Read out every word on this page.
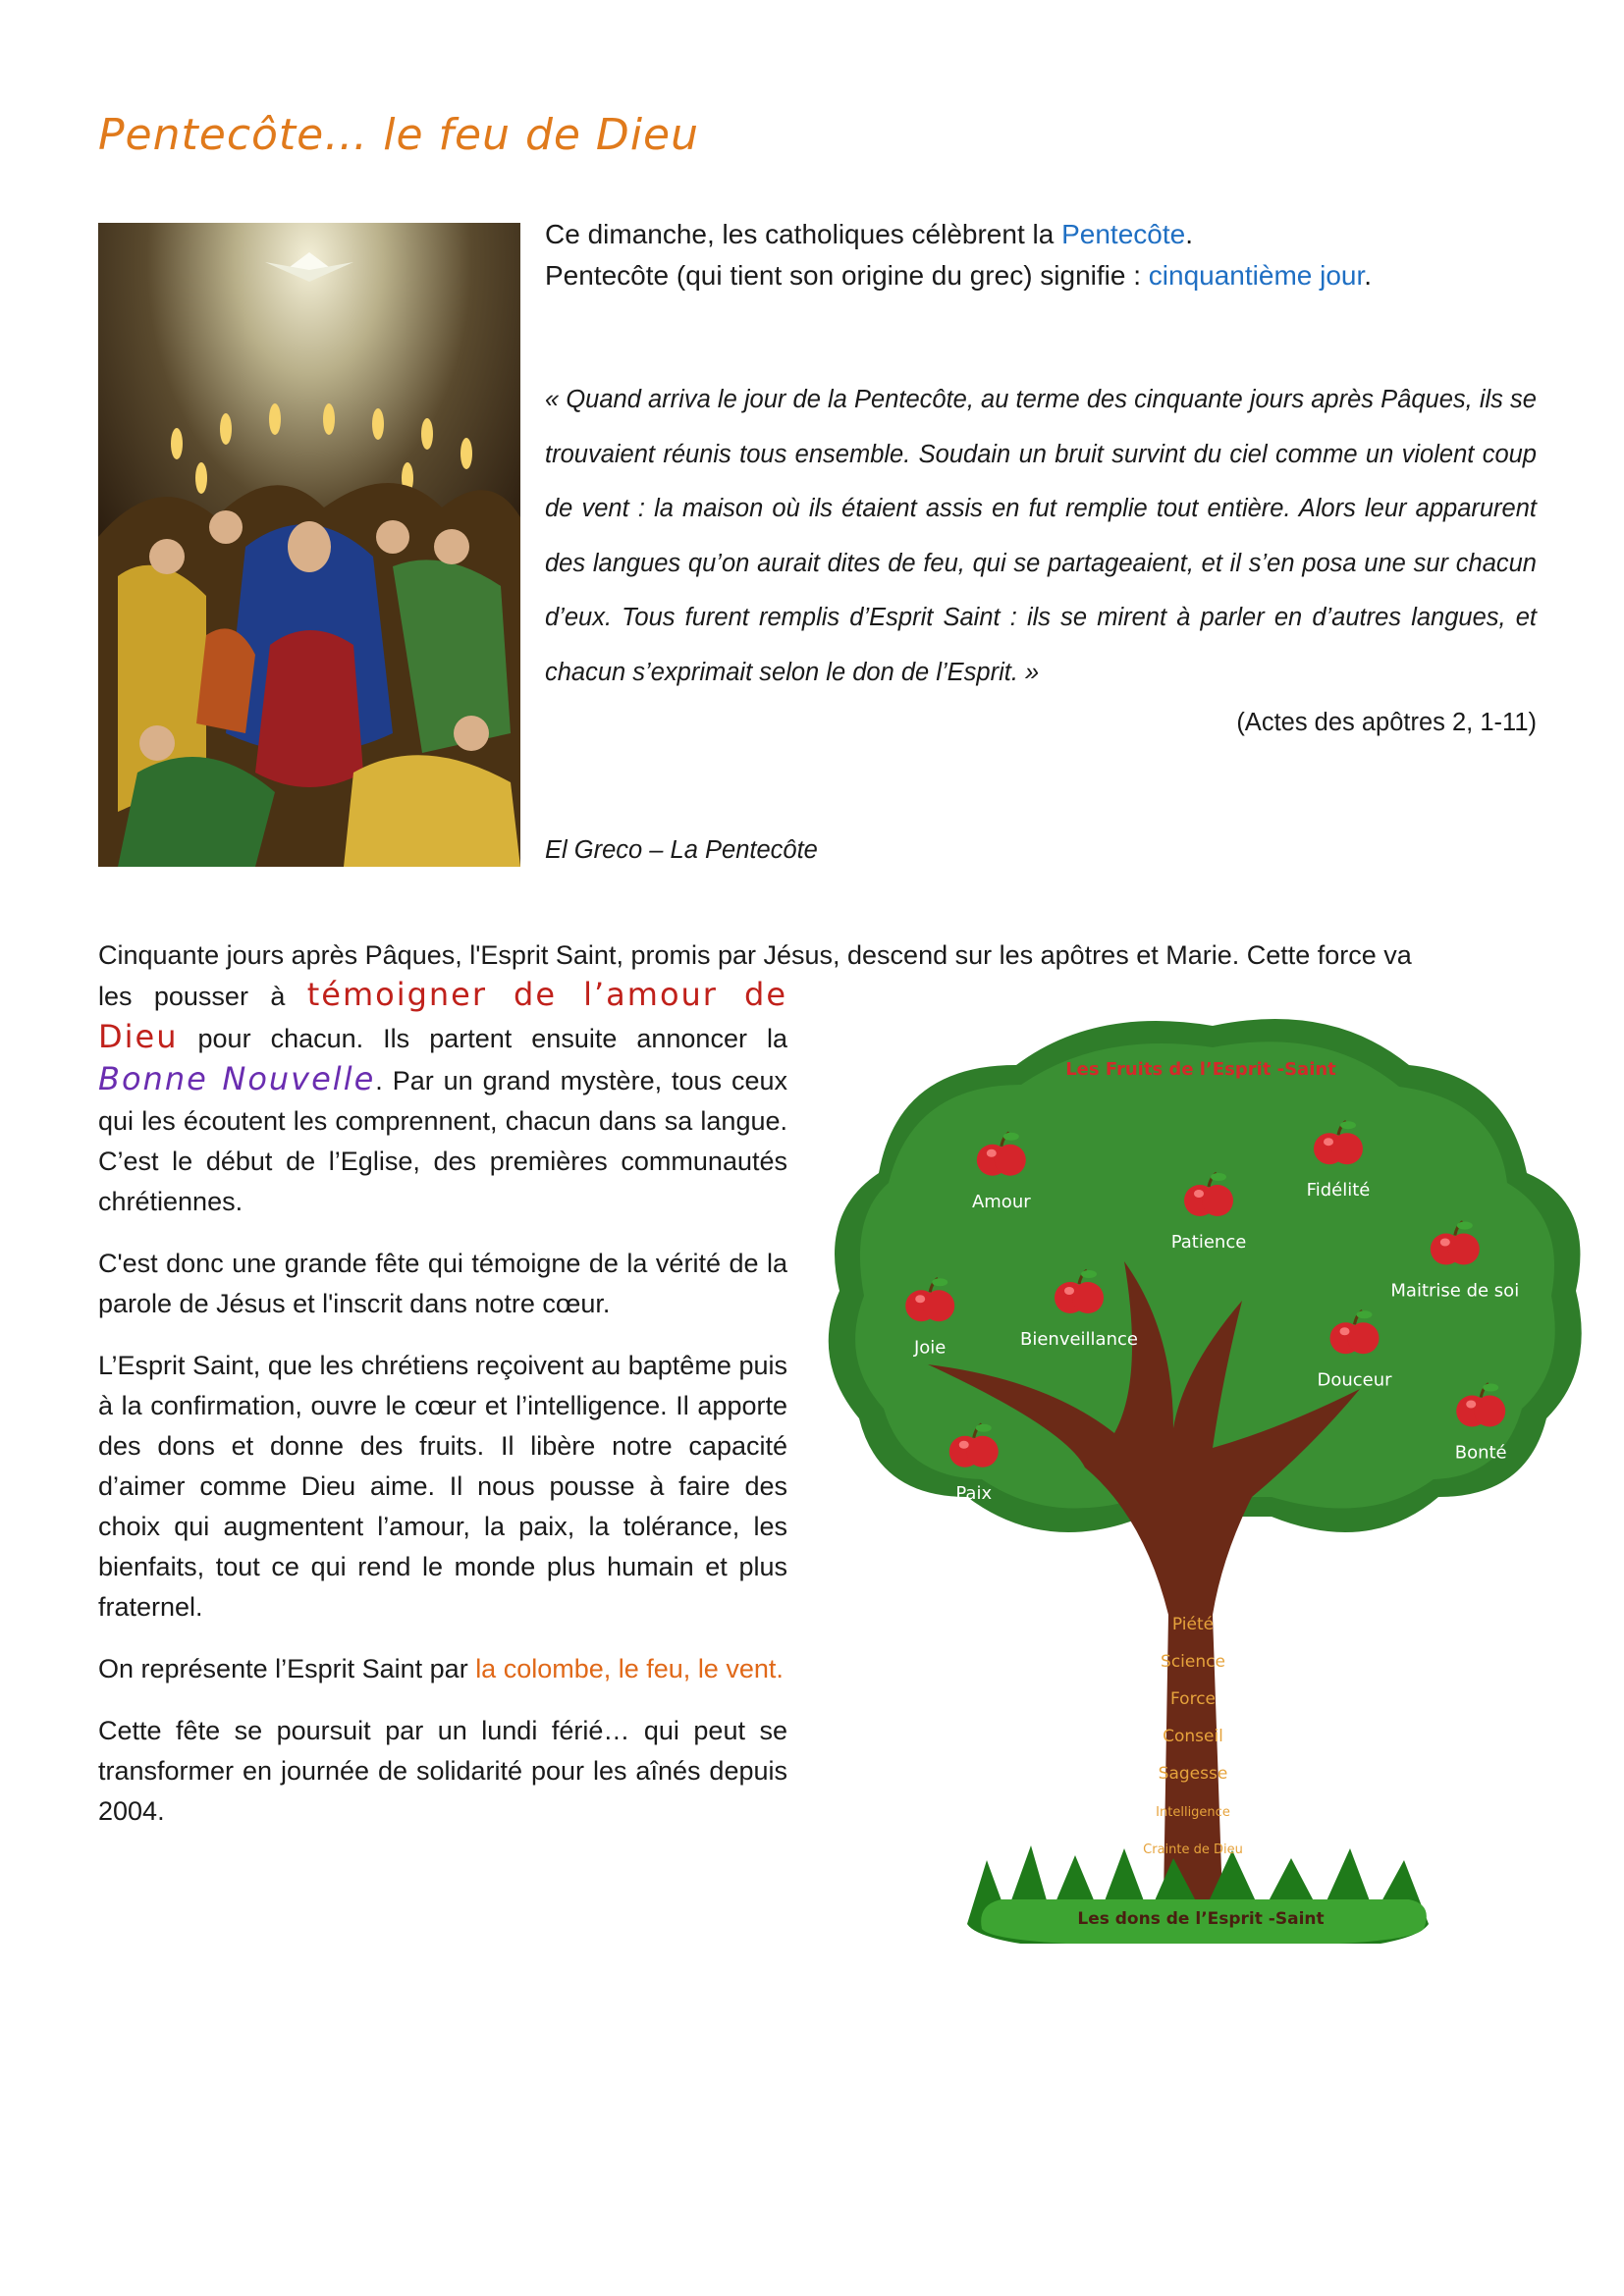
Pentecôte… le feu de Dieu

Ce dimanche, les catholiques célèbrent la Pentecôte.

Pentecôte (qui tient son origine du grec) signifie : cinquantième jour.

« Quand arriva le jour de la Pentecôte, au terme des cinquante jours après Pâques, ils se trouvaient réunis tous ensemble. Soudain un bruit survint du ciel comme un violent coup de vent : la maison où ils étaient assis en fut remplie tout entière. Alors leur apparurent des langues qu’on aurait dites de feu, qui se partageaient, et il s’en posa une sur chacun d’eux. Tous furent remplis d’Esprit Saint : ils se mirent à parler en d’autres langues, et chacun s’exprimait selon le don de l’Esprit. »

(Actes des apôtres 2, 1-11)

El Greco – La Pentecôte

Cinquante jours après Pâques, l'Esprit Saint, promis par Jésus, descend sur les apôtres et Marie. Cette force va

les pousser à témoigner de l’amour de Dieu pour chacun. Ils partent ensuite annoncer la Bonne Nouvelle. Par un grand mystère, tous ceux qui les écoutent les comprennent, chacun dans sa langue. C’est le début de l’Eglise, des premières communautés chrétiennes.

C'est donc une grande fête qui témoigne de la vérité de la parole de Jésus et l'inscrit dans notre cœur.

L’Esprit Saint, que les chrétiens reçoivent au baptême puis à la confirmation, ouvre le cœur et l’intelligence. Il apporte des dons et donne des fruits. Il libère notre capacité d’aimer comme Dieu aime. Il nous pousse à faire des choix qui augmentent l’amour, la paix, la tolérance, les bienfaits, tout ce qui rend le monde plus humain et plus fraternel.

On représente l’Esprit Saint par la colombe, le feu, le vent.

Cette fête se poursuit par un lundi férié… qui peut se transformer en journée de solidarité pour les aînés depuis 2004.

Les Fruits de l’Esprit -Saint
Les dons de l’Esprit -Saint
Amour
Patience
Fidélité
Maitrise de soi
Joie	Bienveillance
Douceur
Bonté
Paix
Piété
Science
Force
Conseil
Sagesse
Intelligence
Crainte de Dieu
